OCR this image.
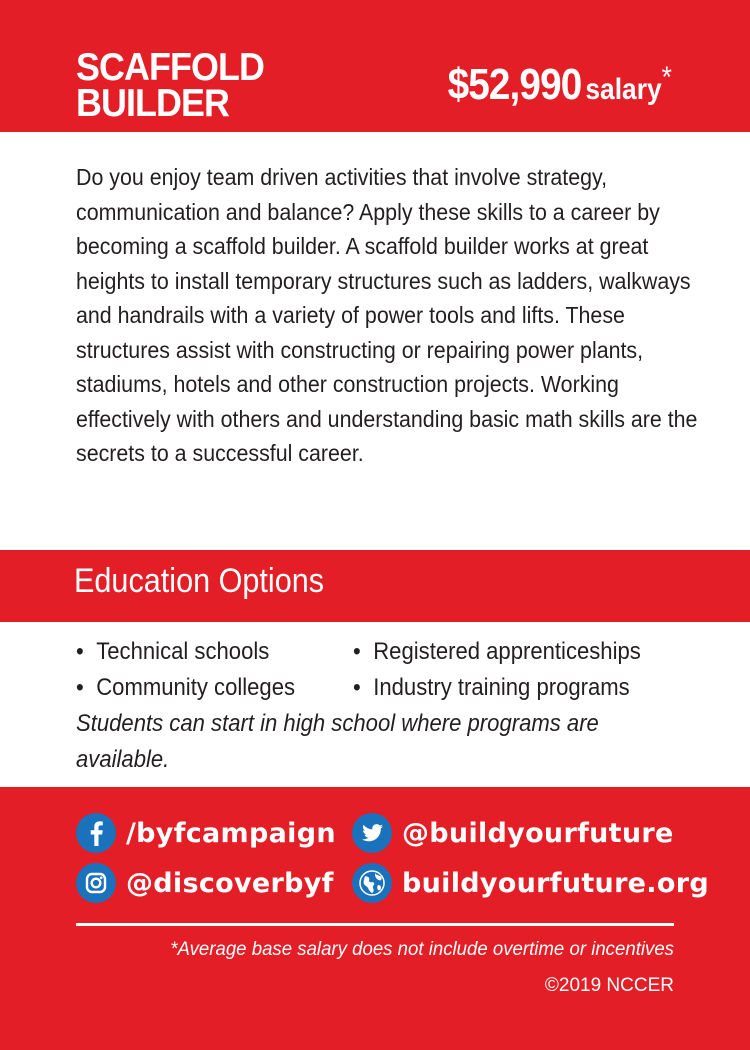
SCAFFOLD
BUILDER	$52,990 salary*

Do you enjoy team driven activities that involve strategy, communication and balance? Apply these skills to a career by becoming a scaffold builder. A scaffold builder works at great heights to install temporary structures such as ladders, walkways and handrails with a variety of power tools and lifts. These structures assist with constructing or repairing power plants, stadiums, hotels and other construction projects. Working effectively with others and understanding basic math skills are the secrets to a successful career.

Education Options
• Technical schools
• Community colleges
• Registered apprenticeships
• Industry training programs

Students can start in high school where programs are available.

/byfcampaign @buildyourfuture
@discoverbyf	buildyourfuture.org
*Average base salary does not include overtime or incentives
©2019 NCCER
